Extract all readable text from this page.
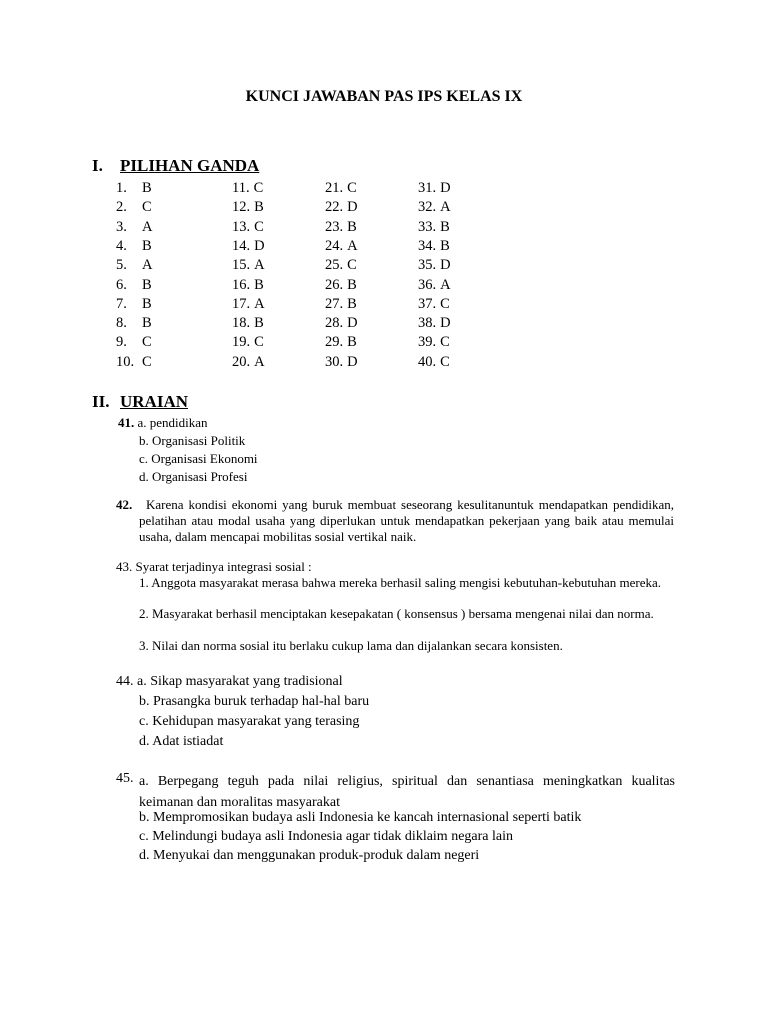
KUNCI JAWABAN PAS IPS KELAS IX
I. PILIHAN GANDA
1. B
2. C
3. A
4. B
5. A
6. B
7. B
8. B
9. C
10. C
11. C
12. B
13. C
14. D
15. A
16. B
17. A
18. B
19. C
20. A
21. C
22. D
23. B
24. A
25. C
26. B
27. B
28. D
29. B
30. D
31. D
32. A
33. B
34. B
35. D
36. A
37. C
38. D
39. C
40. C
II. URAIAN
41. a. pendidikan
b. Organisasi Politik
c. Organisasi Ekonomi
d. Organisasi Profesi
42.	Karena kondisi ekonomi yang buruk membuat seseorang kesulitanuntuk mendapatkan pendidikan, pelatihan atau modal usaha yang diperlukan untuk mendapatkan pekerjaan yang baik atau memulai usaha, dalam mencapai mobilitas sosial vertikal naik.
43. Syarat terjadinya integrasi sosial :
1. Anggota masyarakat merasa bahwa mereka berhasil saling mengisi kebutuhan-kebutuhan mereka.
2. Masyarakat berhasil menciptakan kesepakatan ( konsensus ) bersama mengenai nilai dan norma.
3. Nilai dan norma sosial itu berlaku cukup lama dan dijalankan secara konsisten.
44. a. Sikap masyarakat yang tradisional
b. Prasangka buruk terhadap hal-hal baru
c. Kehidupan masyarakat yang terasing
d. Adat istiadat
45. a. Berpegang teguh pada nilai religius, spiritual dan senantiasa meningkatkan kualitas keimanan dan moralitas masyarakat
b. Mempromosikan budaya asli Indonesia ke kancah internasional seperti batik
c. Melindungi budaya asli Indonesia agar tidak diklaim negara lain
d. Menyukai dan menggunakan produk-produk dalam negeri
